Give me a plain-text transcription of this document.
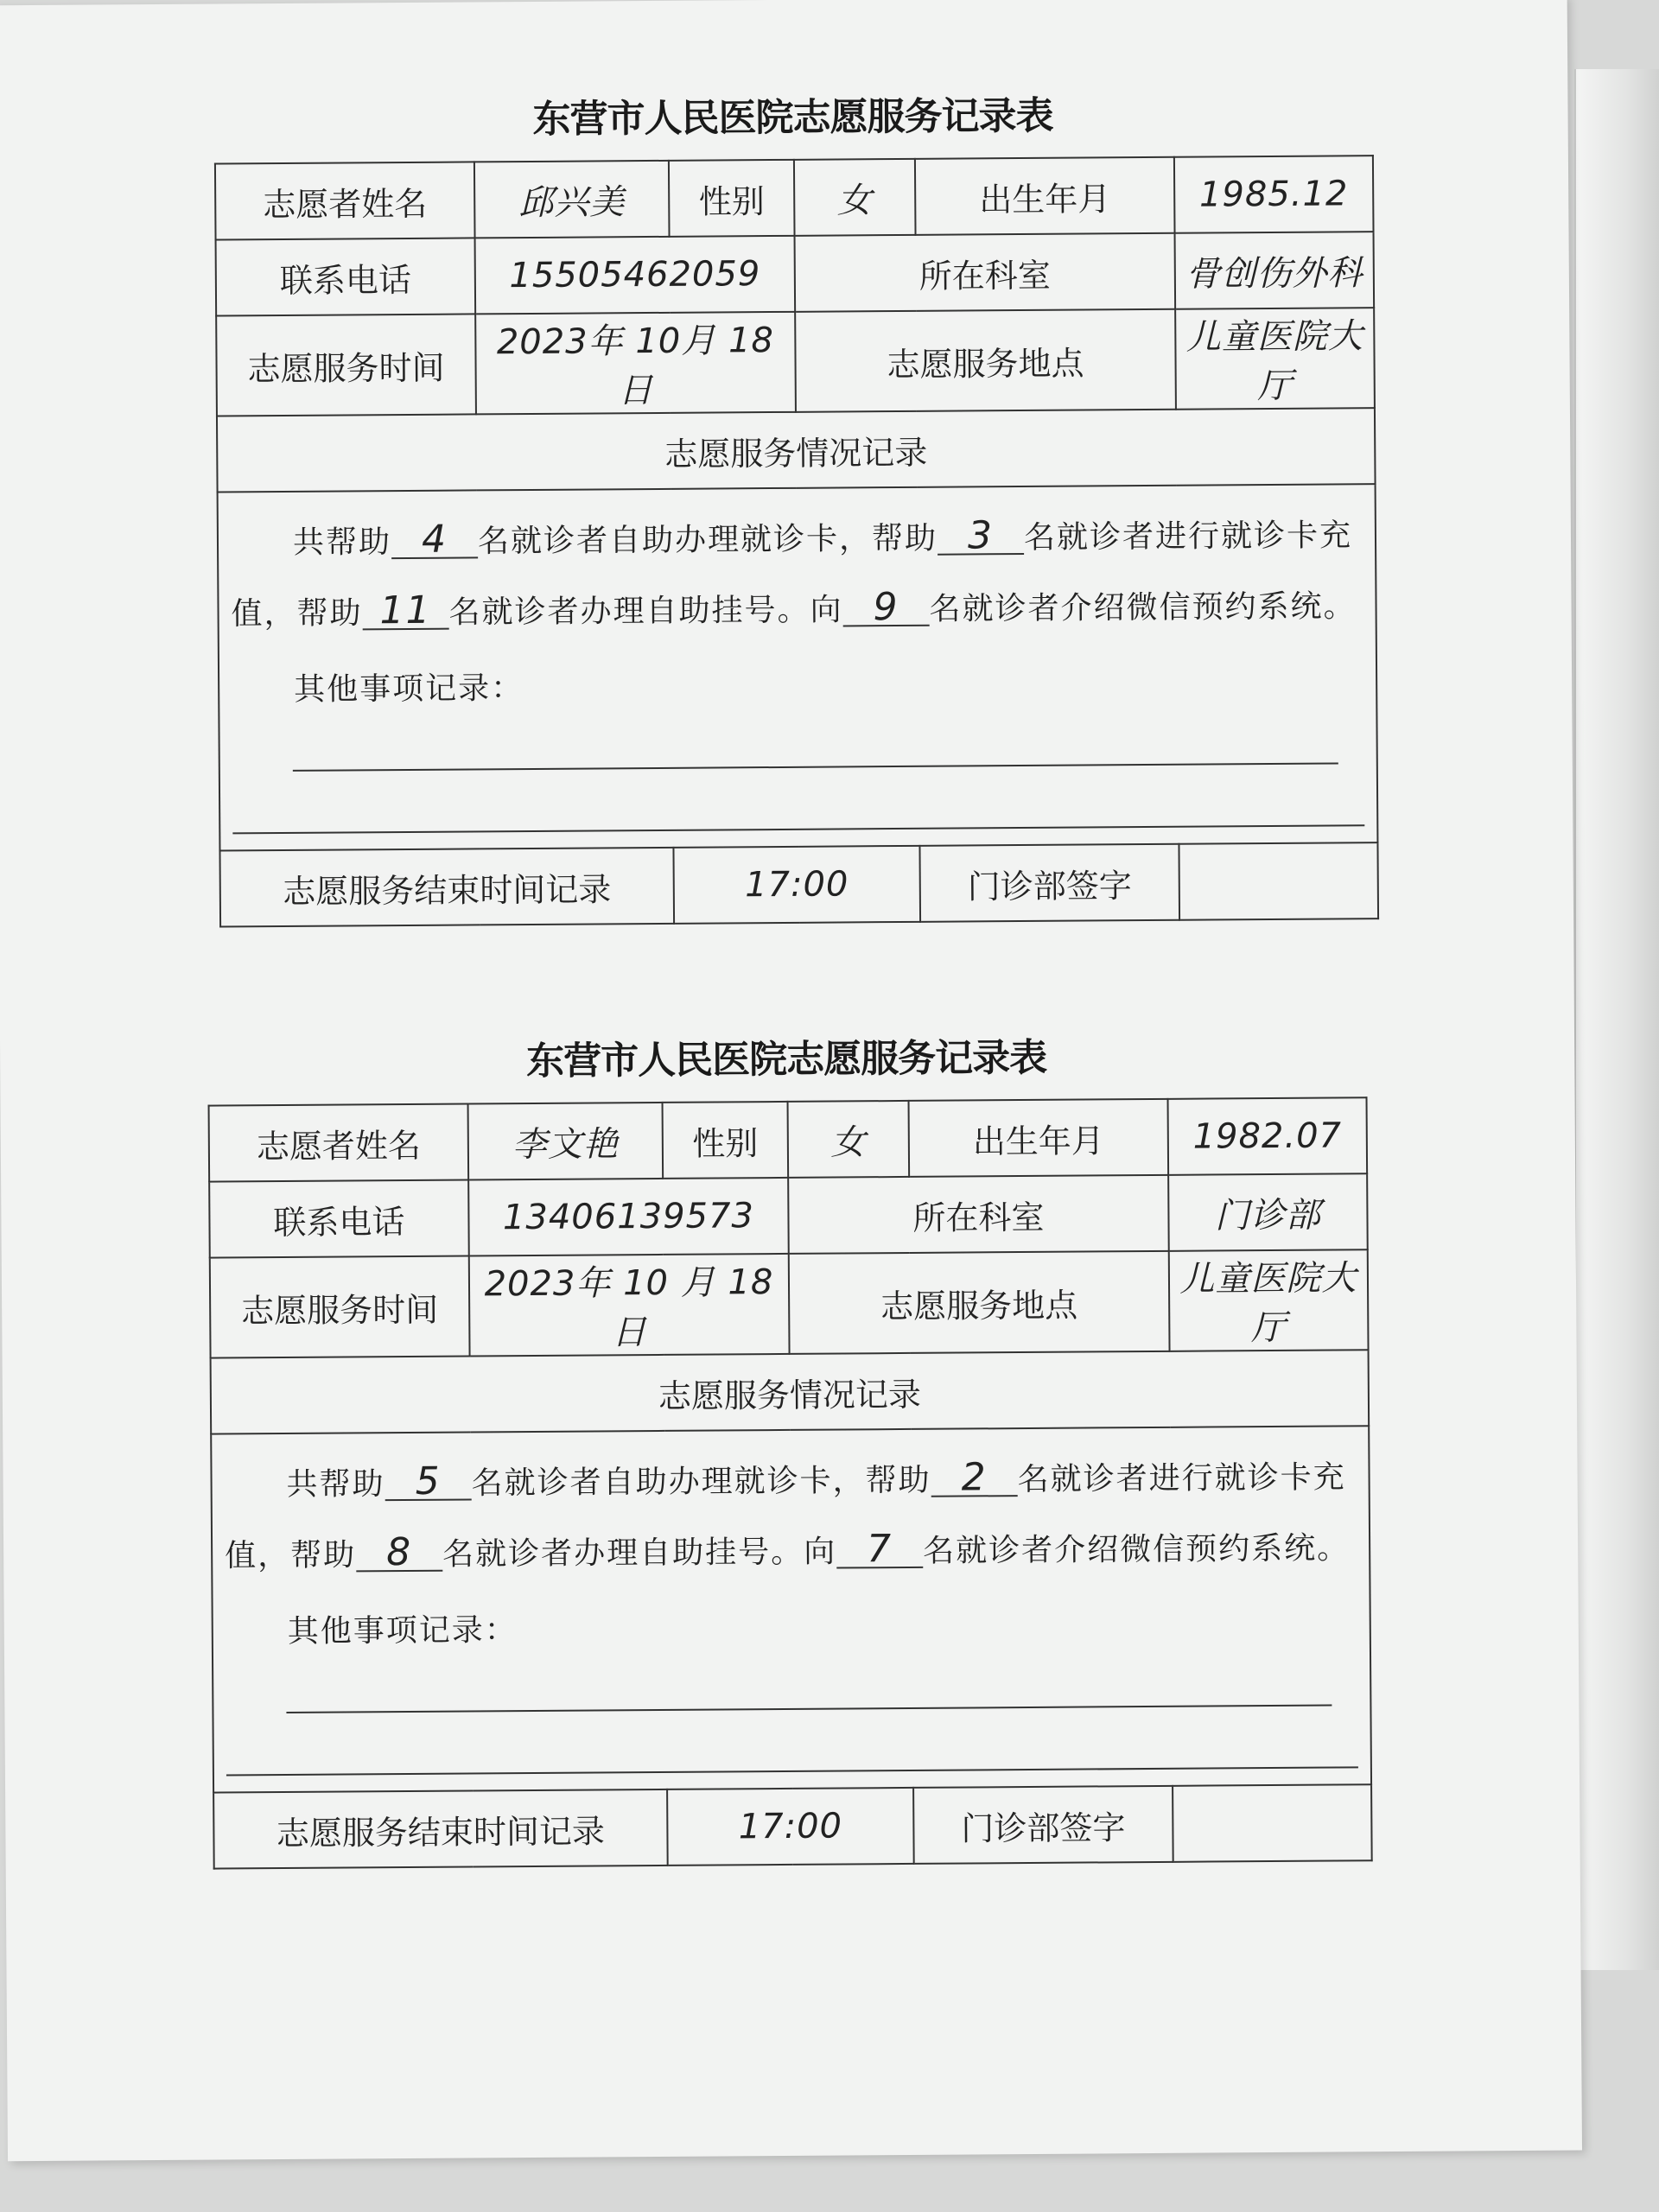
东营市人民医院志愿服务记录表
志愿者姓名	邱兴美	性别	女	出生年月	1985.12
联系电话	15505462059		所在科室		骨创伤外科
志愿服务时间	2023年 10月 18日		志愿服务地点		儿童医院大厅
志愿服务情况记录					

共帮助 4 名就诊者自助办理就诊卡，帮助 3 名就诊者进行就诊卡充值，帮助 11 名就诊者办理自助挂号。向 9 名就诊者介绍微信预约系统。
其他事项记录：					

志愿服务结束时间记录		17:00		门诊部签字	
东营市人民医院志愿服务记录表
志愿者姓名	李文艳	性别	女	出生年月	1982.07
联系电话	13406139573		所在科室		门诊部
志愿服务时间	2023年 10 月 18 日		志愿服务地点		儿童医院大厅
志愿服务情况记录					

共帮助 5 名就诊者自助办理就诊卡，帮助 2 名就诊者进行就诊卡充值，帮助 8 名就诊者办理自助挂号。向 7 名就诊者介绍微信预约系统。
其他事项记录：					

志愿服务结束时间记录		17:00		门诊部签字	
